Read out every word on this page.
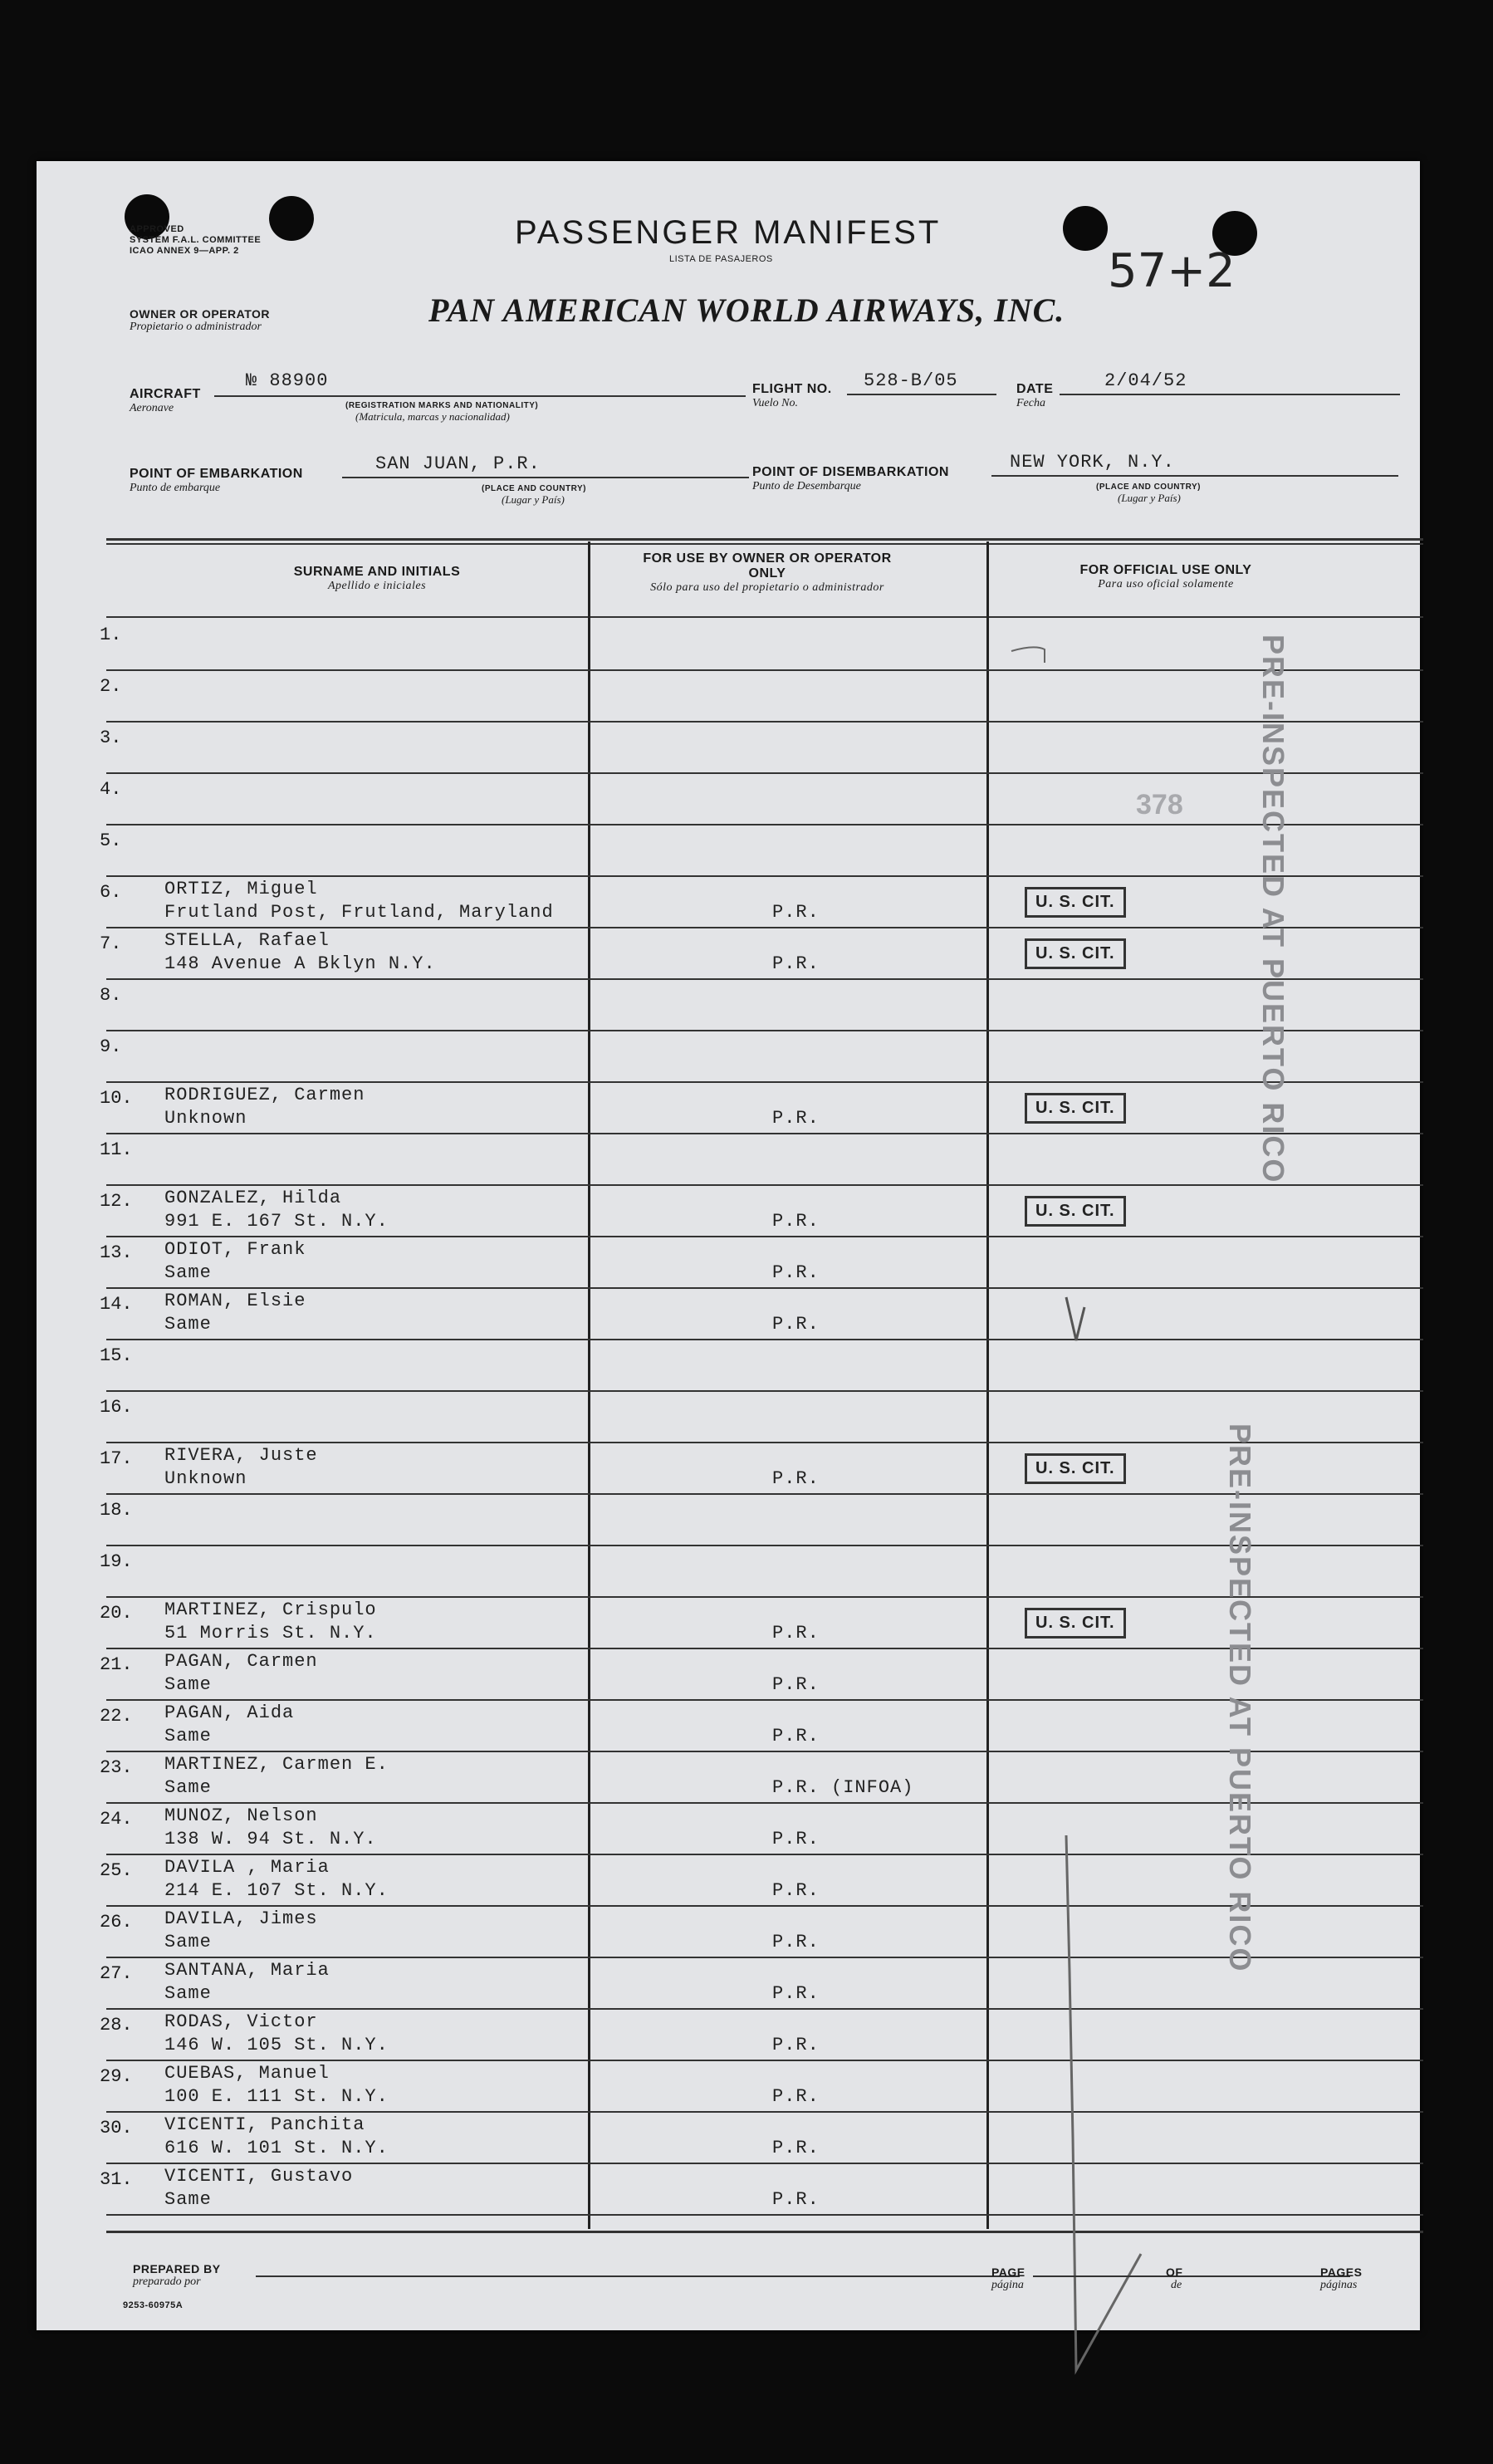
APPROVED
SYSTEM F.A.L. COMMITTEE
ICAO ANNEX 9—APP. 2	PASSENGER MANIFEST
LISTA DE PASAJEROS	57+2
OWNER OR OPERATOR
Propietario o administrador	PAN AMERICAN WORLD AIRWAYS, INC.
AIRCRAFT
Aeronave
№ 88900
(REGISTRATION MARKS AND NATIONALITY)
(Matricula, marcas y nacionalidad)
FLIGHT NO.
Vuelo No.
528-B/05	DATE
Fecha
2/04/52
POINT OF EMBARKATION
Punto de embarque
SAN JUAN, P.R.
(PLACE AND COUNTRY)
(Lugar y País)
POINT OF DISEMBARKATION
Punto de Desembarque
NEW YORK, N.Y.
(PLACE AND COUNTRY)
(Lugar y País)
SURNAME AND INITIALS
Apellido e iniciales
FOR USE BY OWNER OR OPERATOR ONLY
Sólo para uso del propietario o administrador
FOR OFFICIAL USE ONLY
Para uso oficial solamente
1.
2.
3.
4.
5.
6. ORTIZ, Miguel
Frutland Post, Frutland, Maryland	P.R.	U. S. CIT.
7. STELLA, Rafael
148 Avenue A Bklyn N.Y.	P.R.	U. S. CIT.
8.
9.
10. RODRIGUEZ, Carmen
Unknown	P.R.	U. S. CIT.
11.
12. GONZALEZ, Hilda
991 E. 167 St. N.Y.	P.R.	U. S. CIT.
13. ODIOT, Frank
Same	P.R.
14. ROMAN, Elsie
Same	P.R.
15.
16.
17. RIVERA, Juste
Unknown	P.R.	U. S. CIT.
18.
19.
20. MARTINEZ, Crispulo
51 Morris St. N.Y.	P.R.	U. S. CIT.
21. PAGAN, Carmen
Same	P.R.
22. PAGAN, Aida
Same	P.R.
23. MARTINEZ, Carmen E.
Same	P.R. (INFOA)
24. MUNOZ, Nelson
138 W. 94 St. N.Y.	P.R.
25. DAVILA , Maria
214 E. 107 St. N.Y.	P.R.
26. DAVILA, Jimes
Same	P.R.
27. SANTANA, Maria
Same	P.R.
28. RODAS, Victor
146 W. 105 St. N.Y.	P.R.
29. CUEBAS, Manuel
100 E. 111 St. N.Y.	P.R.
30. VICENTI, Panchita
616 W. 101 St. N.Y.	P.R.
31. VICENTI, Gustavo
Same	P.R.
PRE-INSPECTED AT PUERTO RICO
PRE-INSPECTED AT PUERTO RICO
378
PREPARED BY
preparado por
PAGE
página
OF
de
PAGES
páginas
9253-60975A
